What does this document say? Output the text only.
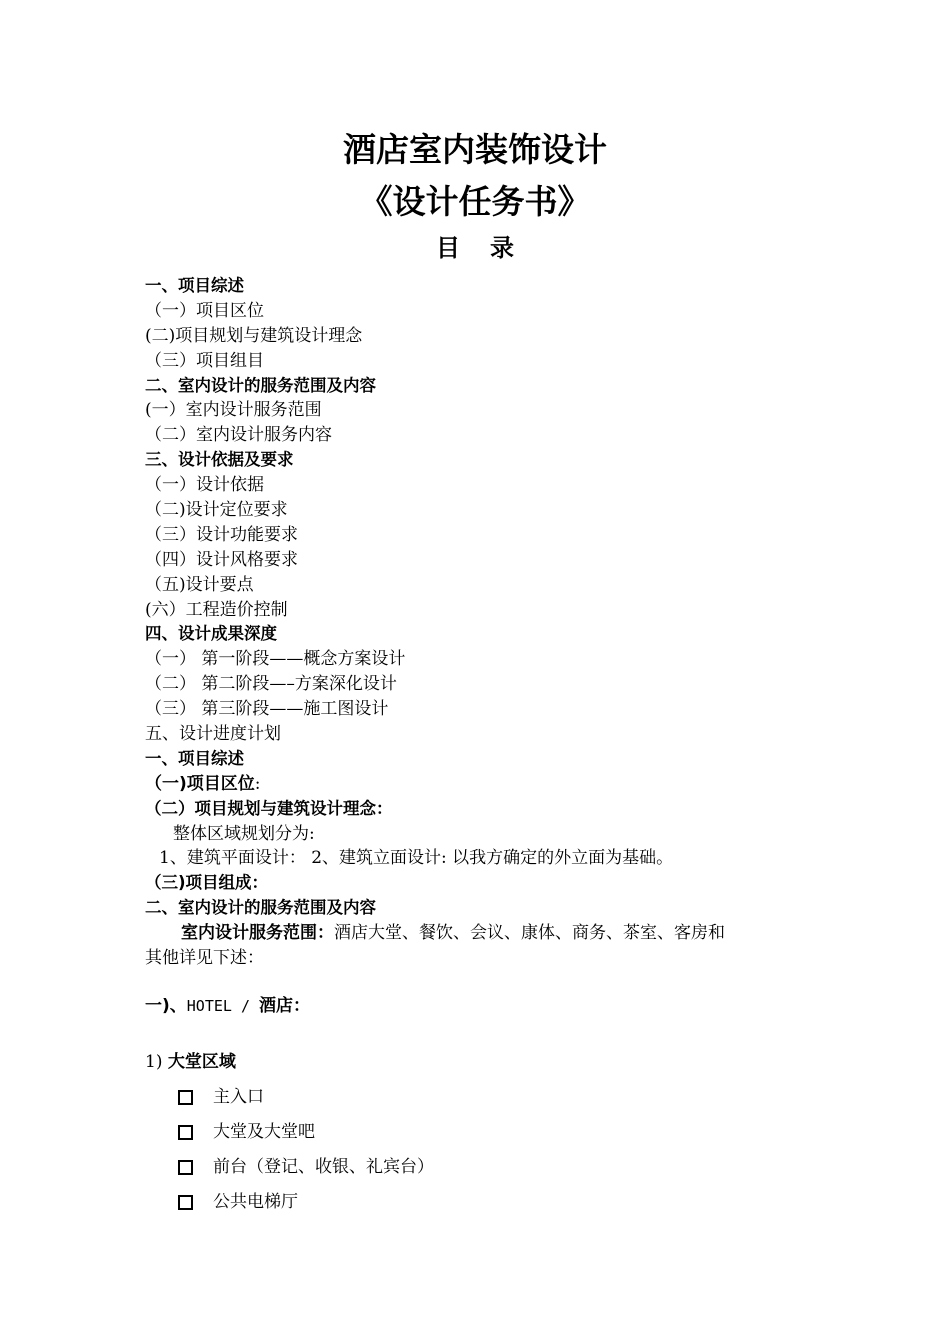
酒店室内装饰设计
《设计任务书》
目录
一、项目综述
（一）项目区位
(二)项目规划与建筑设计理念
（三）项目组目
二、室内设计的服务范围及内容
(一）室内设计服务范围
（二）室内设计服务内容
三、设计依据及要求
（一）设计依据
（二)设计定位要求
（三）设计功能要求
（四）设计风格要求
（五)设计要点
(六）工程造价控制
四、设计成果深度
（一） 第一阶段——概念方案设计
（二） 第二阶段—–方案深化设计
（三） 第三阶段——施工图设计
五、设计进度计划
一、项目综述
（一)项目区位:
（二）项目规划与建筑设计理念：
整体区域规划分为:
1、建筑平面设计： 2、建筑立面设计: 以我方确定的外立面为基础。
（三)项目组成：
二、室内设计的服务范围及内容
室内设计服务范围：酒店大堂、餐饮、会议、康体、商务、茶室、客房和
其他详见下述：
一)、HOTEL / 酒店：
1) 大堂区域
主入口
大堂及大堂吧
前台（登记、收银、礼宾台）
公共电梯厅
